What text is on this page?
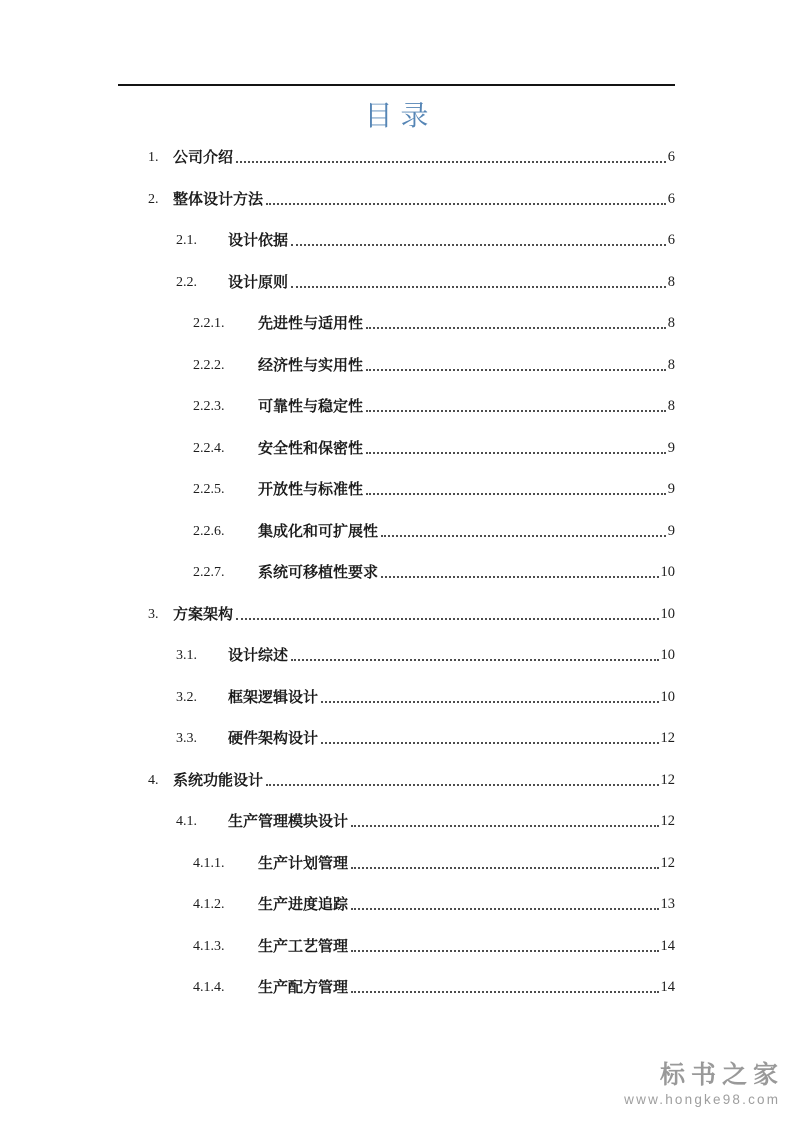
目录
1. 公司介绍	6
2. 整体设计方法	6
2.1.	设计依据	6
2.2.	设计原则	8
2.2.1.	先进性与适用性	8
2.2.2.	经济性与实用性	8
2.2.3.	可靠性与稳定性	8
2.2.4.	安全性和保密性	9
2.2.5.	开放性与标准性	9
2.2.6.	集成化和可扩展性	9
2.2.7.	系统可移植性要求	10
3. 方案架构	10
3.1.	设计综述	10
3.2.	框架逻辑设计	10
3.3.	硬件架构设计	12
4. 系统功能设计	12
4.1.	生产管理模块设计	12
4.1.1.	生产计划管理	12
4.1.2.	生产进度追踪	13
4.1.3.	生产工艺管理	14
4.1.4.	生产配方管理	14
标书之家
www.hongke98.com
